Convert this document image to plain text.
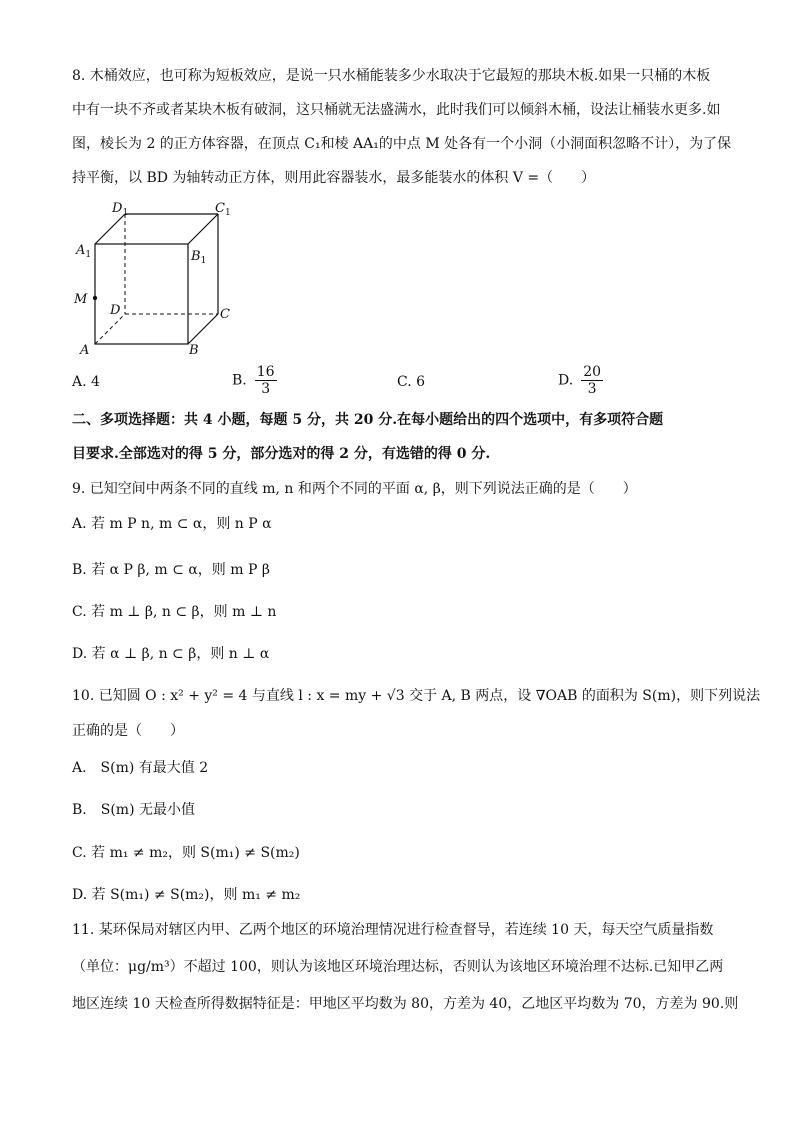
8. 木桶效应，也可称为短板效应，是说一只水桶能装多少水取决于它最短的那块木板.如果一只桶的木板
中有一块不齐或者某块木板有破洞，这只桶就无法盛满水，此时我们可以倾斜木桶，设法让桶装水更多.如
图，棱长为 2 的正方体容器，在顶点 C₁和棱 AA₁的中点 M 处各有一个小洞（小洞面积忽略不计），为了保
持平衡，以 BD 为轴转动正方体，则用此容器装水，最多能装水的体积 V =（　　）
$D_1$	$C_1$
$A_1$	$B_1$
M
D	C
A	B
A. 4	B. $\frac{16}{3}$	C. 6	D. $\frac{20}{3}$
二、多项选择题：共 4 小题，每题 5 分，共 20 分.在每小题给出的四个选项中，有多项符合题
目要求.全部选对的得 5 分，部分选对的得 2 分，有选错的得 0 分.
9. 已知空间中两条不同的直线 m, n 和两个不同的平面 α, β，则下列说法正确的是（　　）
A. 若 m P n, m ⊂ α，则 n P α
B. 若 α P β, m ⊂ α，则 m P β
C. 若 m ⊥ β, n ⊂ β，则 m ⊥ n
D. 若 α ⊥ β, n ⊂ β，则 n ⊥ α
10. 已知圆 O : x² + y² = 4 与直线 l : x = my + √3 交于 A, B 两点，设 ∇OAB 的面积为 S(m)，则下列说法
正确的是（　　）
A.　S(m) 有最大值 2
B.　S(m) 无最小值
C. 若 m₁ ≠ m₂，则 S(m₁) ≠ S(m₂)
D. 若 S(m₁) ≠ S(m₂)，则 m₁ ≠ m₂
11. 某环保局对辖区内甲、乙两个地区的环境治理情况进行检查督导，若连续 10 天，每天空气质量指数
（单位：μg/m³）不超过 100，则认为该地区环境治理达标，否则认为该地区环境治理不达标.已知甲乙两
地区连续 10 天检查所得数据特征是：甲地区平均数为 80，方差为 40，乙地区平均数为 70，方差为 90.则
